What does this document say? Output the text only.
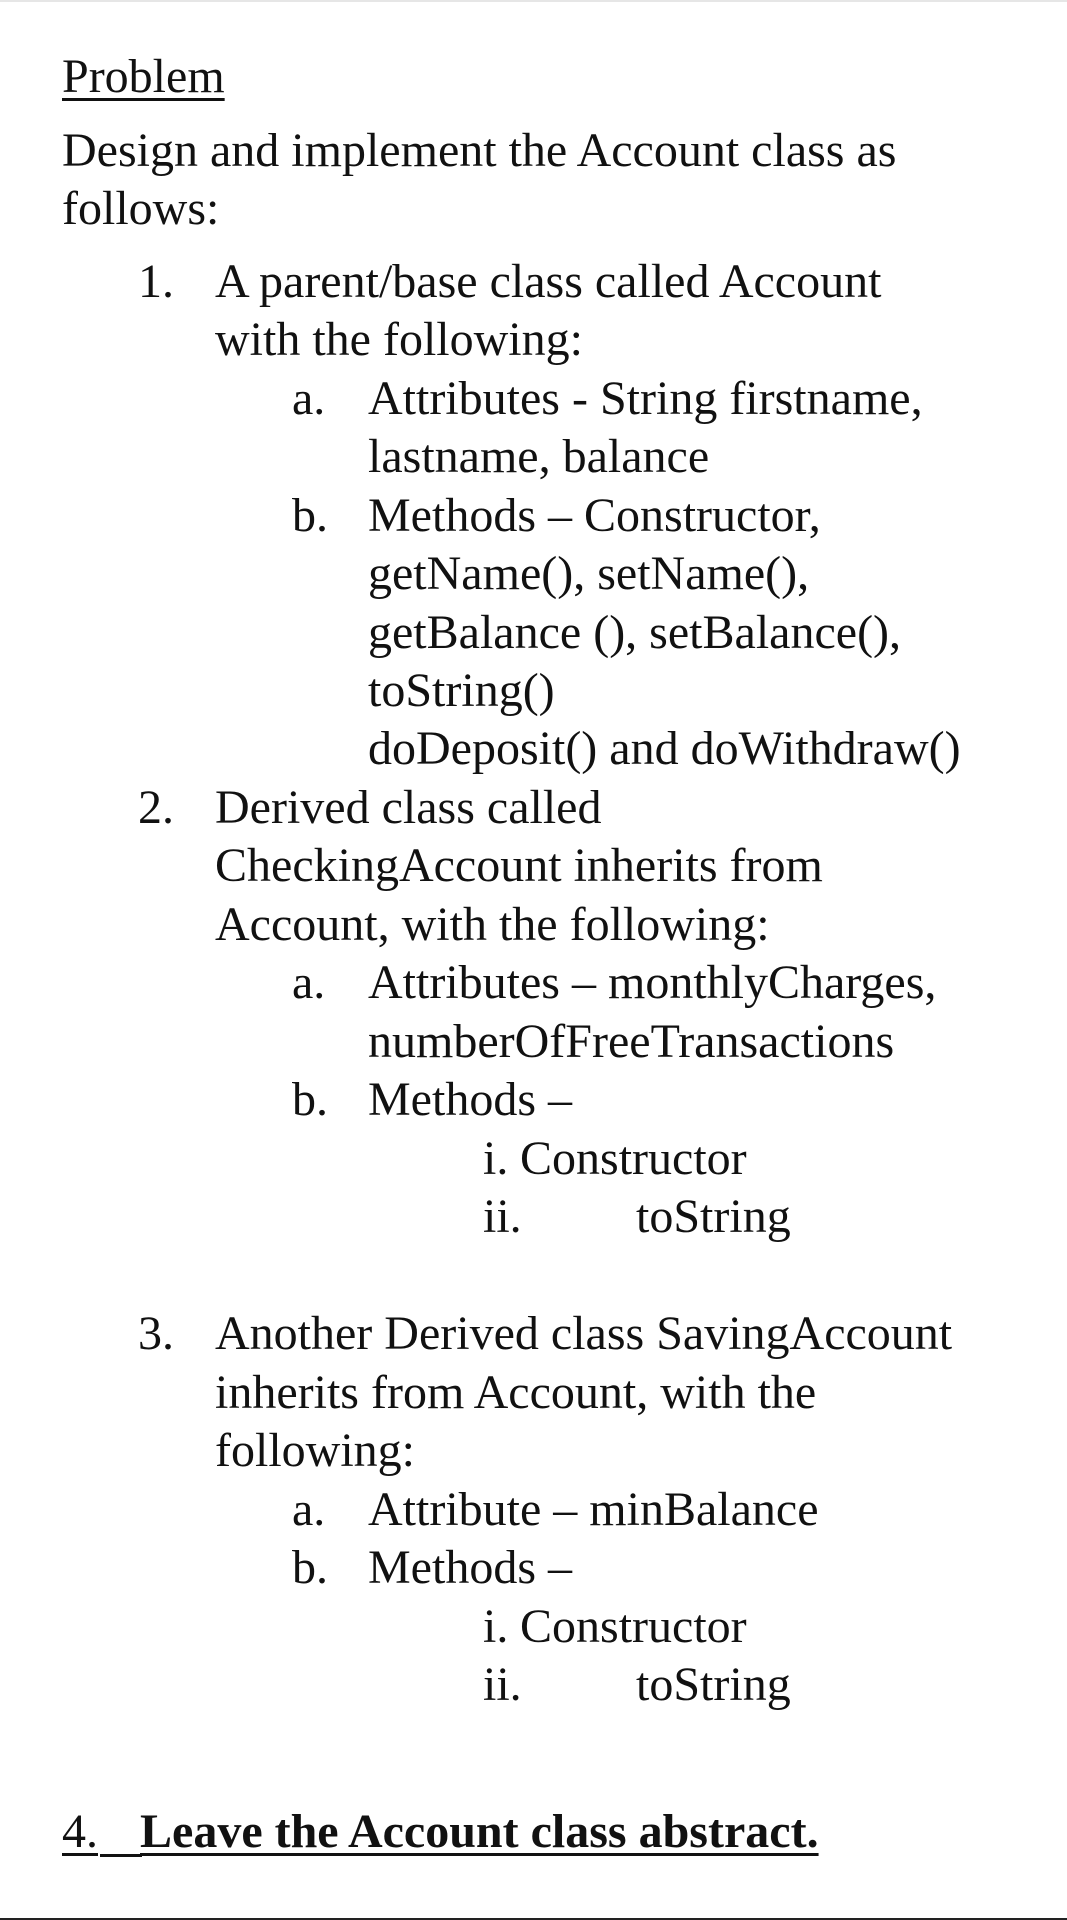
Problem
Design and implement the Account class as
follows:
1. A parent/base class called Account
with the following:
a. Attributes - String firstname,
lastname, balance
b. Methods – Constructor,
getName(), setName(),
getBalance (), setBalance(),
toString()
doDeposit() and doWithdraw()
2. Derived class called
CheckingAccount inherits from
Account, with the following:
a. Attributes – monthlyCharges,
numberOfFreeTransactions
b. Methods –
i. Constructor
ii. toString
3. Another Derived class SavingAccount
inherits from Account, with the
following:
a. Attribute – minBalance
b. Methods –
i. Constructor
ii. toString
4. Leave the Account class abstract.
